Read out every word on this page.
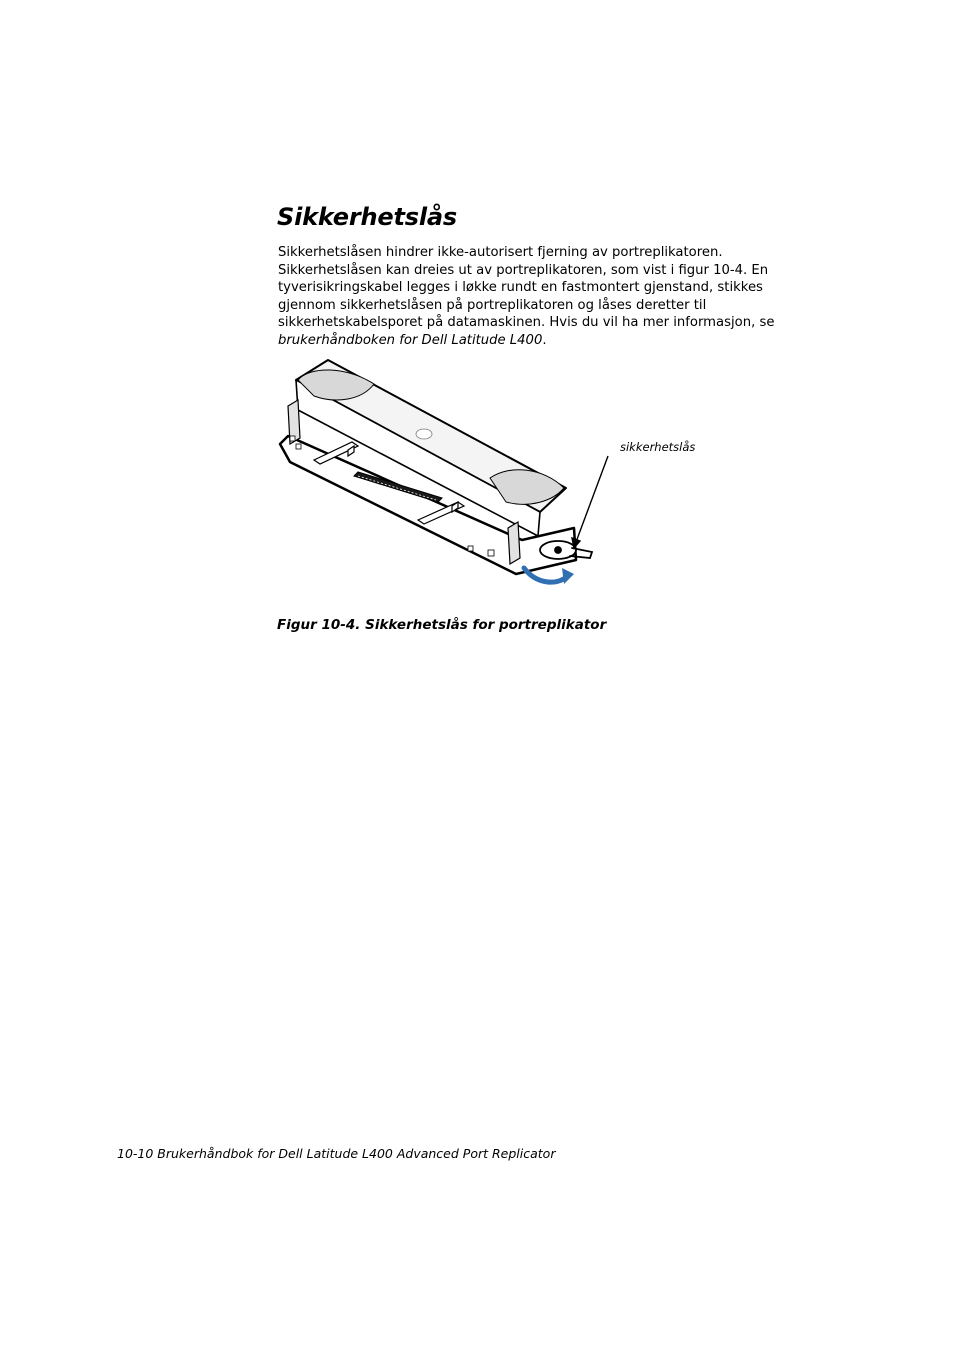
Sikkerhetslås

Sikkerhetslåsen hindrer ikke-autorisert fjerning av portreplikatoren. Sikkerhetslåsen kan dreies ut av portreplikatoren, som vist i figur 10-4. En tyverisikringskabel legges i løkke rundt en fastmontert gjenstand, stikkes gjennom sikkerhetslåsen på portreplikatoren og låses deretter til sikkerhetskabelsporet på datamaskinen. Hvis du vil ha mer informasjon, se brukerhåndboken for Dell Latitude L400.

sikkerhetslås

Figur 10-4. Sikkerhetslås for portreplikator

10-10 Brukerhåndbok for Dell Latitude L400 Advanced Port Replicator
